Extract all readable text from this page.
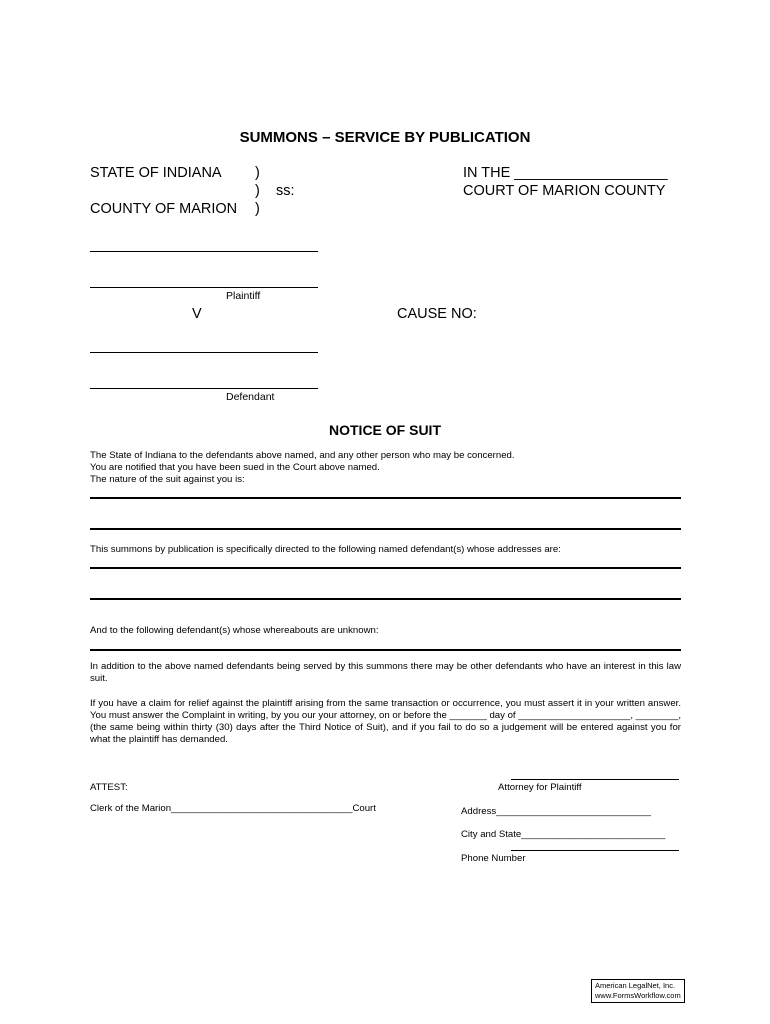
SUMMONS – SERVICE BY PUBLICATION
STATE OF INDIANA )
) ss:
COUNTY OF MARION )
IN THE ___________________
COURT OF MARION COUNTY
Plaintiff
V	CAUSE NO:
Defendant
NOTICE OF SUIT
The State of Indiana to the defendants above named, and any other person who may be concerned.
You are notified that you have been sued in the Court above named.
The nature of the suit against you is:
This summons by publication is specifically directed to the following named defendant(s) whose addresses are:
And to the following defendant(s) whose whereabouts are unknown:
In addition to the above named defendants being served by this summons there may be other defendants who have an interest in this law suit.
If you have a claim for relief against the plaintiff arising from the same transaction or occurrence, you must assert it in your written answer. You must answer the Complaint in writing, by you our your attorney, on or before the _______ day of _____________________, ________,(the same being within thirty (30) days after the Third Notice of Suit), and if you fail to do so a judgement will be entered against you for what the plaintiff has demanded.
ATTEST:
Clerk of the Marion__________________________________Court
Attorney for Plaintiff
Address_____________________________
City and State___________________________
Phone Number
American LegalNet, Inc.
www.FormsWorkflow.com
